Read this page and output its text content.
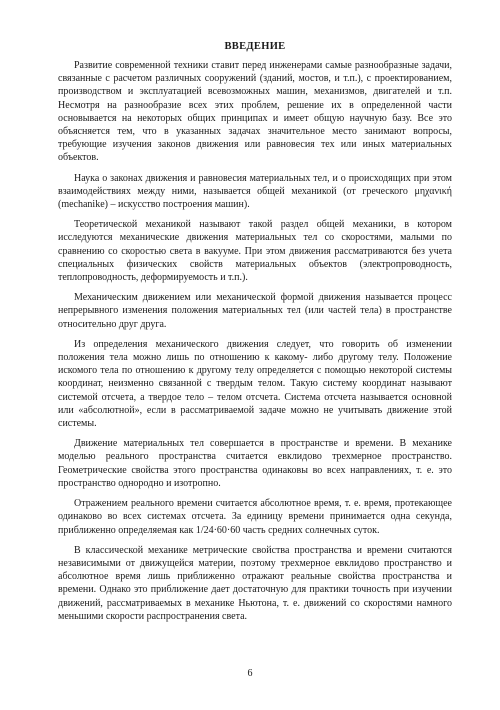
ВВЕДЕНИЕ

Развитие современной техники ставит перед инженерами самые разнообразные задачи, связанные с расчетом различных сооружений (зданий, мостов, и т.п.), с проектированием, производством и эксплуатацией всевозможных машин, механизмов, двигателей и т.п. Несмотря на разнообразие всех этих проблем, решение их в определенной части основывается на некоторых общих принципах и имеет общую научную базу. Все это объясняется тем, что в указанных задачах значительное место занимают вопросы, требующие изучения законов движения или равновесия тех или иных материальных объектов.

Наука о законах движения и равновесия материальных тел, и о происходящих при этом взаимодействиях между ними, называется общей механикой (от греческого μηχανική (mechanike) – искусство построения машин).

Теоретической механикой называют такой раздел общей механики, в котором исследуются механические движения материальных тел со скоростями, малыми по сравнению со скоростью света в вакууме. При этом движения рассматриваются без учета специальных физических свойств материальных объектов (электропроводность, теплопроводность, деформируемость и т.п.).

Механическим движением или механической формой движения называется процесс непрерывного изменения положения материальных тел (или частей тела) в пространстве относительно друг друга.

Из определения механического движения следует, что говорить об изменении положения тела можно лишь по отношению к какому- либо другому телу. Положение искомого тела по отношению к другому телу определяется с помощью некоторой системы координат, неизменно связанной с твердым телом. Такую систему координат называют системой отсчета, а твердое тело – телом отсчета. Система отсчета называется основной или «абсолютной», если в рассматриваемой задаче можно не учитывать движение этой системы.

Движение материальных тел совершается в пространстве и времени. В механике моделью реального пространства считается евклидово трехмерное пространство. Геометрические свойства этого пространства одинаковы во всех направлениях, т. е. это пространство однородно и изотропно.

Отражением реального времени считается абсолютное время, т. е. время, протекающее одинаково во всех системах отсчета. За единицу времени принимается одна секунда, приближенно определяемая как 1/24·60·60 часть средних солнечных суток.

В классической механике метрические свойства пространства и времени считаются независимыми от движущейся материи, поэтому трехмерное евклидово пространство и абсолютное время лишь приближенно отражают реальные свойства пространства и времени. Однако это приближение дает достаточную для практики точность при изучении движений, рассматриваемых в механике Ньютона, т. е. движений со скоростями намного меньшими скорости распространения света.

6
